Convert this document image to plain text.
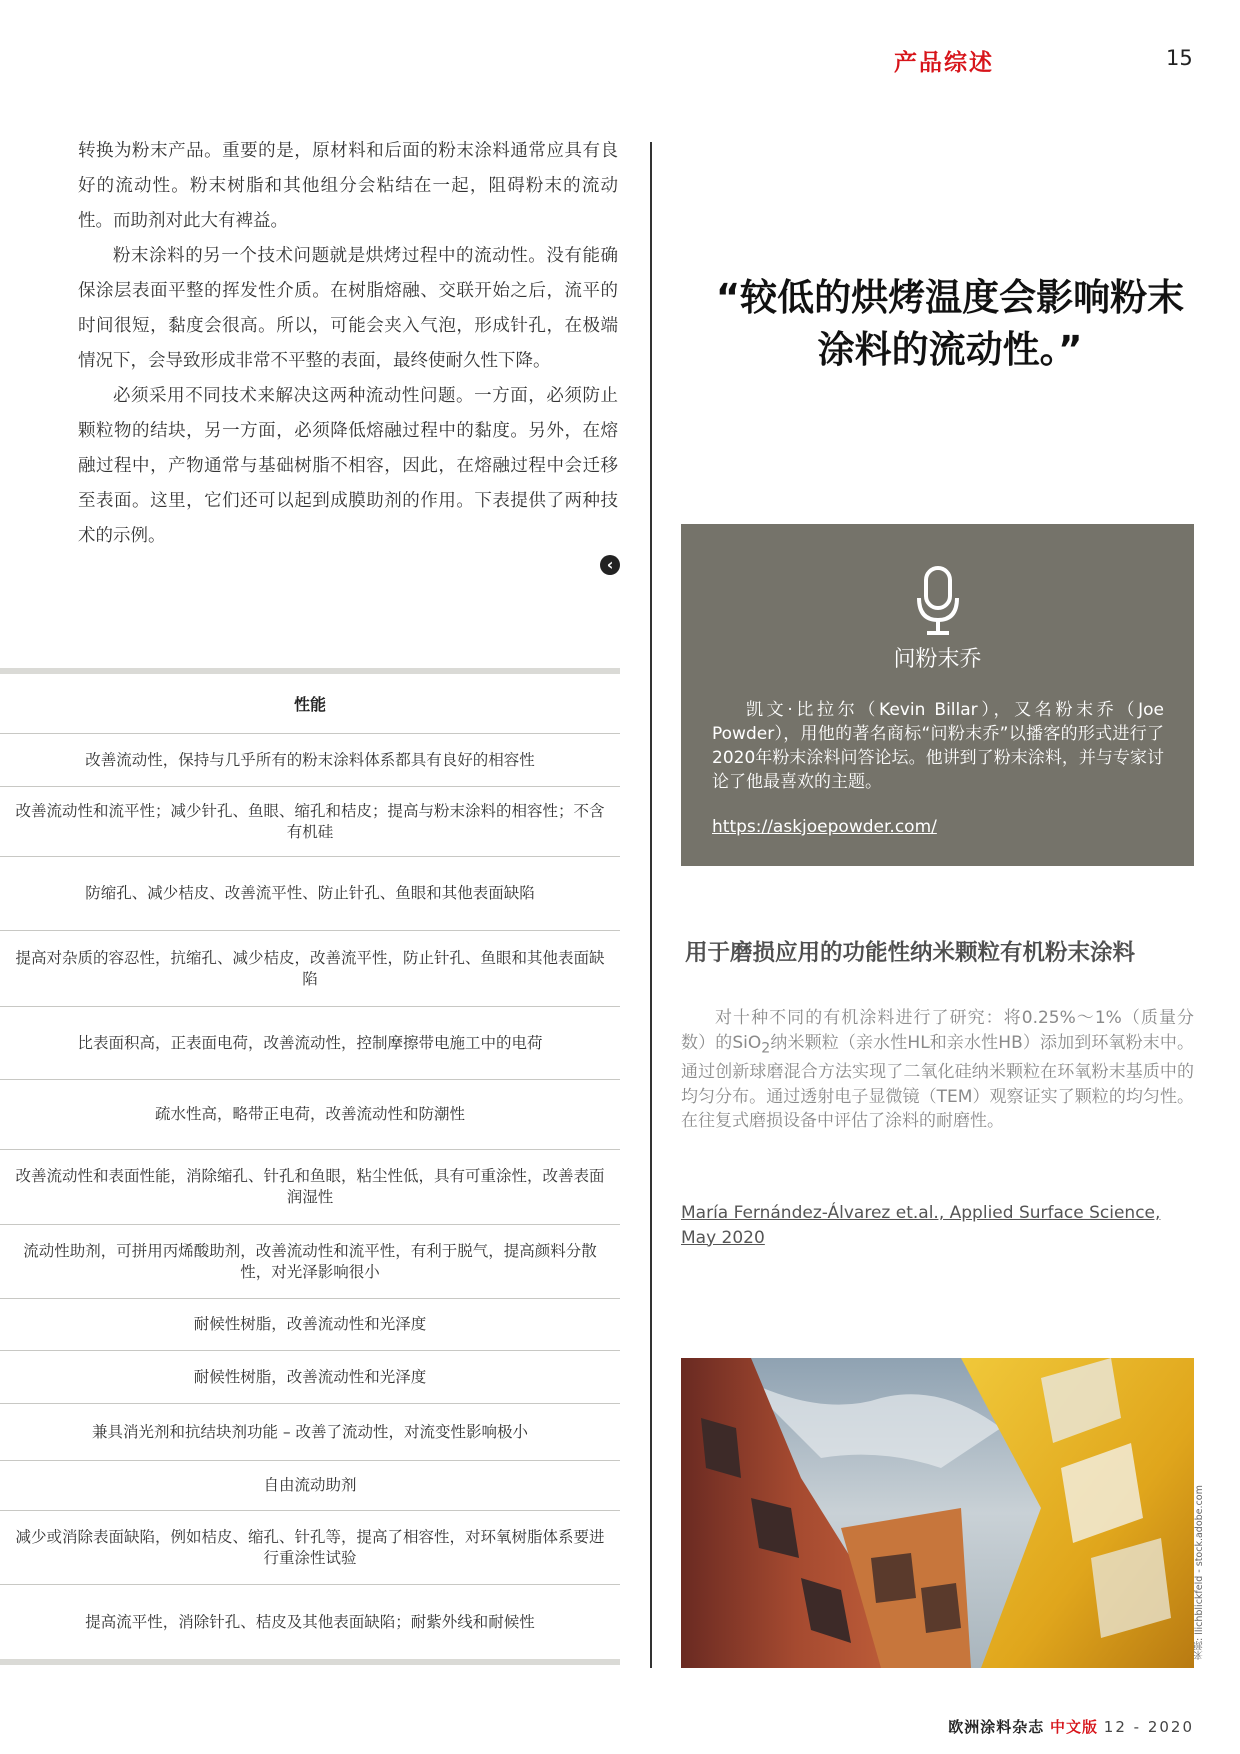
产品综述	15

转换为粉末产品。重要的是，原材料和后面的粉末涂料通常应具有良好的流动性。粉末树脂和其他组分会粘结在一起，阻碍粉末的流动性。而助剂对此大有裨益。

粉末涂料的另一个技术问题就是烘烤过程中的流动性。没有能确保涂层表面平整的挥发性介质。在树脂熔融、交联开始之后，流平的时间很短，黏度会很高。所以，可能会夹入气泡，形成针孔，在极端情况下，会导致形成非常不平整的表面，最终使耐久性下降。

必须采用不同技术来解决这两种流动性问题。一方面，必须防止颗粒物的结块，另一方面，必须降低熔融过程中的黏度。另外，在熔融过程中，产物通常与基础树脂不相容，因此，在熔融过程中会迁移至表面。这里，它们还可以起到成膜助剂的作用。下表提供了两种技术的示例。

‹
性能
改善流动性，保持与几乎所有的粉末涂料体系都具有良好的相容性
改善流动性和流平性；减少针孔、鱼眼、缩孔和桔皮；提高与粉末涂料的相容性；不含有机硅
防缩孔、减少桔皮、改善流平性、防止针孔、鱼眼和其他表面缺陷
提高对杂质的容忍性，抗缩孔、减少桔皮，改善流平性，防止针孔、鱼眼和其他表面缺陷
比表面积高，正表面电荷，改善流动性，控制摩擦带电施工中的电荷
疏水性高，略带正电荷，改善流动性和防潮性
改善流动性和表面性能，消除缩孔、针孔和鱼眼，粘尘性低，具有可重涂性，改善表面润湿性
流动性助剂，可拼用丙烯酸助剂，改善流动性和流平性，有利于脱气，提高颜料分散性，对光泽影响很小
耐候性树脂，改善流动性和光泽度
耐候性树脂，改善流动性和光泽度
兼具消光剂和抗结块剂功能 – 改善了流动性，对流变性影响极小
自由流动助剂
减少或消除表面缺陷，例如桔皮、缩孔、针孔等，提高了相容性，对环氧树脂体系要进行重涂性试验
提高流平性，消除针孔、桔皮及其他表面缺陷；耐紫外线和耐候性
“较低的烘烤温度会影响粉末涂料的流动性。”
问粉末乔
凯文·比拉尔（Kevin Billar），又名粉末乔（Joe Powder），用他的著名商标“问粉末乔”以播客的形式进行了2020年粉末涂料问答论坛。他讲到了粉末涂料，并与专家讨论了他最喜欢的主题。
https://askjoepowder.com/
用于磨损应用的功能性纳米颗粒有机粉末涂料
对十种不同的有机涂料进行了研究：将0.25%～1%（质量分数）的SiO$_2$纳米颗粒（亲水性HL和亲水性HB）添加到环氧粉末中。通过创新球磨混合方法实现了二氧化硅纳米颗粒在环氧粉末基质中的均匀分布。通过透射电子显微镜（TEM）观察证实了颗粒的均匀性。在往复式磨损设备中评估了涂料的耐磨性。
María Fernández-Álvarez et.al., Applied Surface Science, May 2020
来源: llichblickfeld - stock.adobe.com
欧洲涂料杂志 中文版 12 - 2020
